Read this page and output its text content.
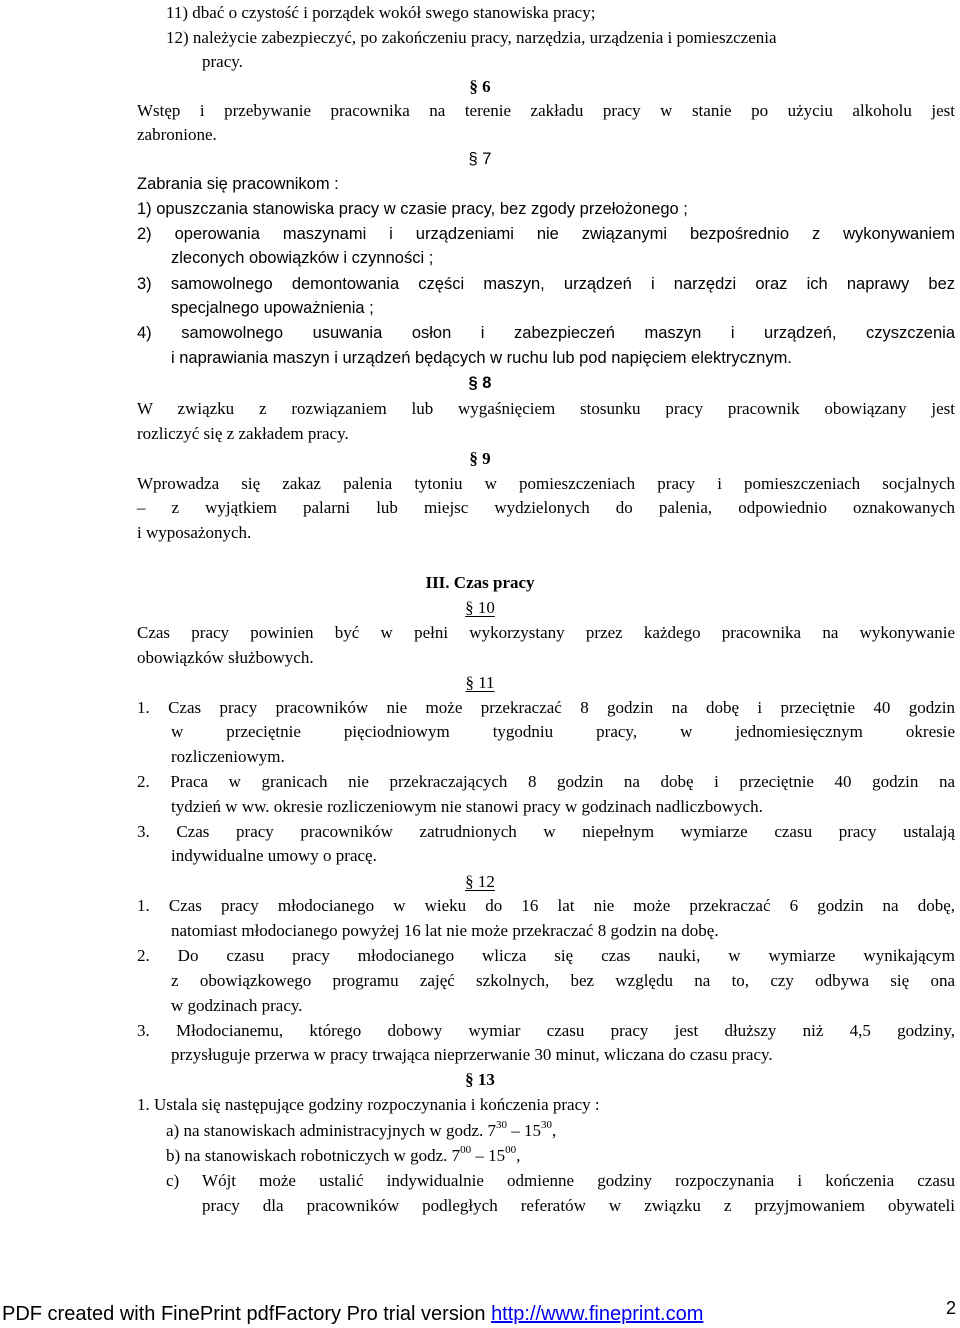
11) dbać o czystość i porządek wokół swego stanowiska pracy;
12) należycie zabezpieczyć, po zakończeniu pracy, narzędzia, urządzenia i pomieszczenia
pracy.
§ 6
Wstęp i przebywanie pracownika na terenie zakładu pracy w stanie po użyciu alkoholu jest
zabronione.
§ 7
Zabrania się pracownikom :
1) opuszczania stanowiska pracy w czasie pracy, bez zgody przełożonego ;
2) operowania maszynami i urządzeniami nie związanymi bezpośrednio z wykonywaniem
zleconych obowiązków i czynności ;
3) samowolnego demontowania części maszyn, urządzeń i narzędzi oraz ich naprawy bez
specjalnego upoważnienia ;
4) samowolnego usuwania osłon i zabezpieczeń maszyn i urządzeń, czyszczenia
i naprawiania maszyn i urządzeń będących w ruchu lub pod napięciem elektrycznym.
§ 8
W związku z rozwiązaniem lub wygaśnięciem stosunku pracy pracownik obowiązany jest
rozliczyć się z zakładem pracy.
§ 9
Wprowadza się zakaz palenia tytoniu w pomieszczeniach pracy i pomieszczeniach socjalnych
– z wyjątkiem palarni lub miejsc wydzielonych do palenia, odpowiednio oznakowanych
i wyposażonych.
III. Czas pracy
§ 10
Czas pracy powinien być w pełni wykorzystany przez każdego pracownika na wykonywanie
obowiązków służbowych.
§ 11
1. Czas pracy pracowników nie może przekraczać 8 godzin na dobę i przeciętnie 40 godzin
w przeciętnie pięciodniowym tygodniu pracy, w jednomiesięcznym okresie
rozliczeniowym.
2. Praca w granicach nie przekraczających 8 godzin na dobę i przeciętnie 40 godzin na
tydzień w ww. okresie rozliczeniowym nie stanowi pracy w godzinach nadliczbowych.
3. Czas pracy pracowników zatrudnionych w niepełnym wymiarze czasu pracy ustalają
indywidualne umowy o pracę.
§ 12
1. Czas pracy młodocianego w wieku do 16 lat nie może przekraczać 6 godzin na dobę,
natomiast młodocianego powyżej 16 lat nie może przekraczać 8 godzin na dobę.
2. Do czasu pracy młodocianego wlicza się czas nauki, w wymiarze wynikającym
z obowiązkowego programu zajęć szkolnych, bez względu na to, czy odbywa się ona
w godzinach pracy.
3. Młodocianemu, którego dobowy wymiar czasu pracy jest dłuższy niż 4,5 godziny,
przysługuje przerwa w pracy trwająca nieprzerwanie 30 minut, wliczana do czasu pracy.
§ 13
1. Ustala się następujące godziny rozpoczynania i kończenia pracy :
a) na stanowiskach administracyjnych w godz. $7^{30} - 15^{30}$,
b) na stanowiskach robotniczych w godz. $7^{00} - 15^{00}$,
c) Wójt może ustalić indywidualnie odmienne godziny rozpoczynania i kończenia czasu
pracy dla pracowników podległych referatów w związku z przyjmowaniem obywateli
PDF created with FinePrint pdfFactory Pro trial version http://www.fineprint.com	2
